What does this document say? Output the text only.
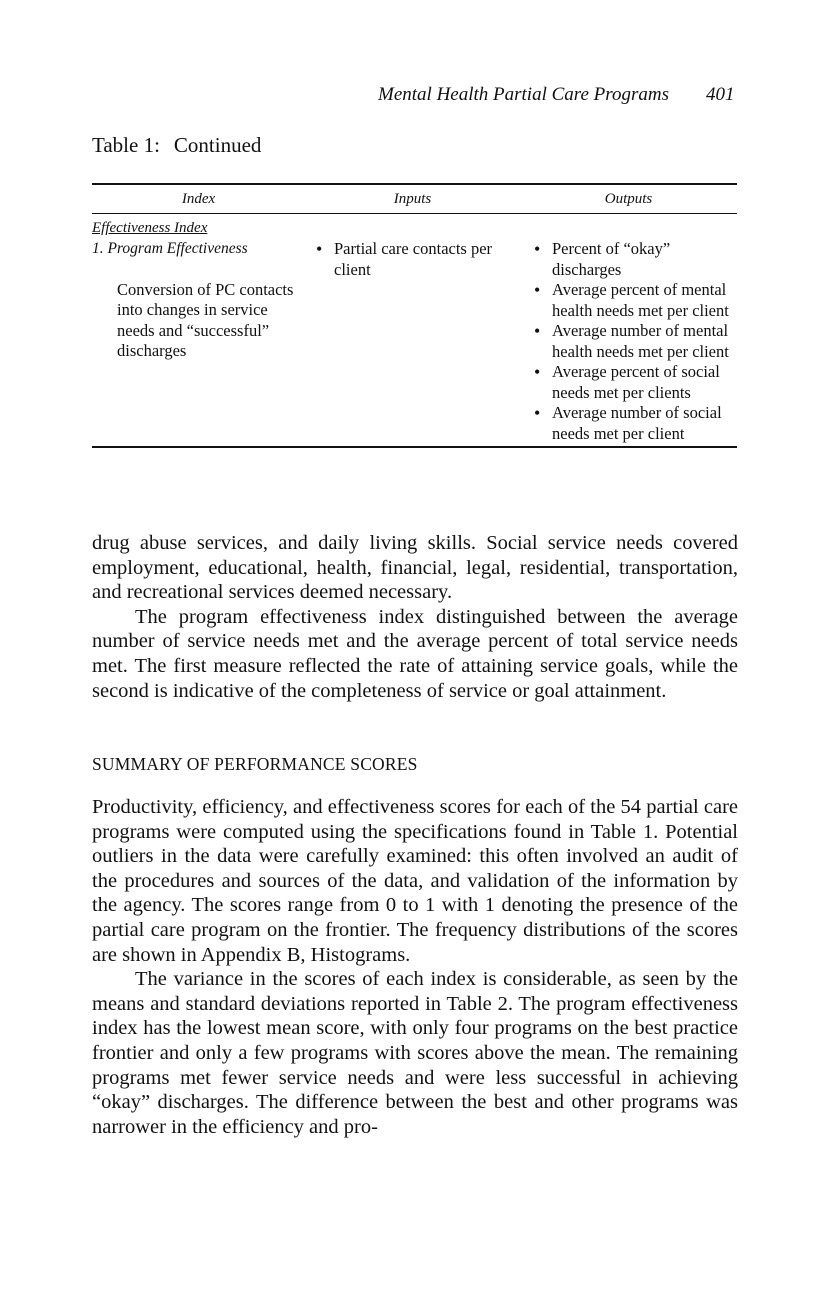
Mental Health Partial Care Programs 401
Table 1: Continued
Index	Inputs	Outputs
Effectiveness Index
1. Program Effectiveness
Conversion of PC contacts into changes in service needs and “successful” discharges
• Partial care contacts per client
• Percent of “okay” discharges
• Average percent of mental health needs met per client
• Average number of mental health needs met per client
• Average percent of social needs met per clients
• Average number of social needs met per client

drug abuse services, and daily living skills. Social service needs covered employment, educational, health, financial, legal, residential, transportation, and recreational services deemed necessary.

The program effectiveness index distinguished between the average number of service needs met and the average percent of total service needs met. The first measure reflected the rate of attaining service goals, while the second is indicative of the completeness of service or goal attainment.

SUMMARY OF PERFORMANCE SCORES

Productivity, efficiency, and effectiveness scores for each of the 54 partial care programs were computed using the specifications found in Table 1. Potential outliers in the data were carefully examined: this often involved an audit of the procedures and sources of the data, and validation of the information by the agency. The scores range from 0 to 1 with 1 denoting the presence of the partial care program on the frontier. The frequency distributions of the scores are shown in Appendix B, Histograms.

The variance in the scores of each index is considerable, as seen by the means and standard deviations reported in Table 2. The program effectiveness index has the lowest mean score, with only four programs on the best practice frontier and only a few programs with scores above the mean. The remaining programs met fewer service needs and were less successful in achieving “okay” discharges. The difference between the best and other programs was narrower in the efficiency and pro-
